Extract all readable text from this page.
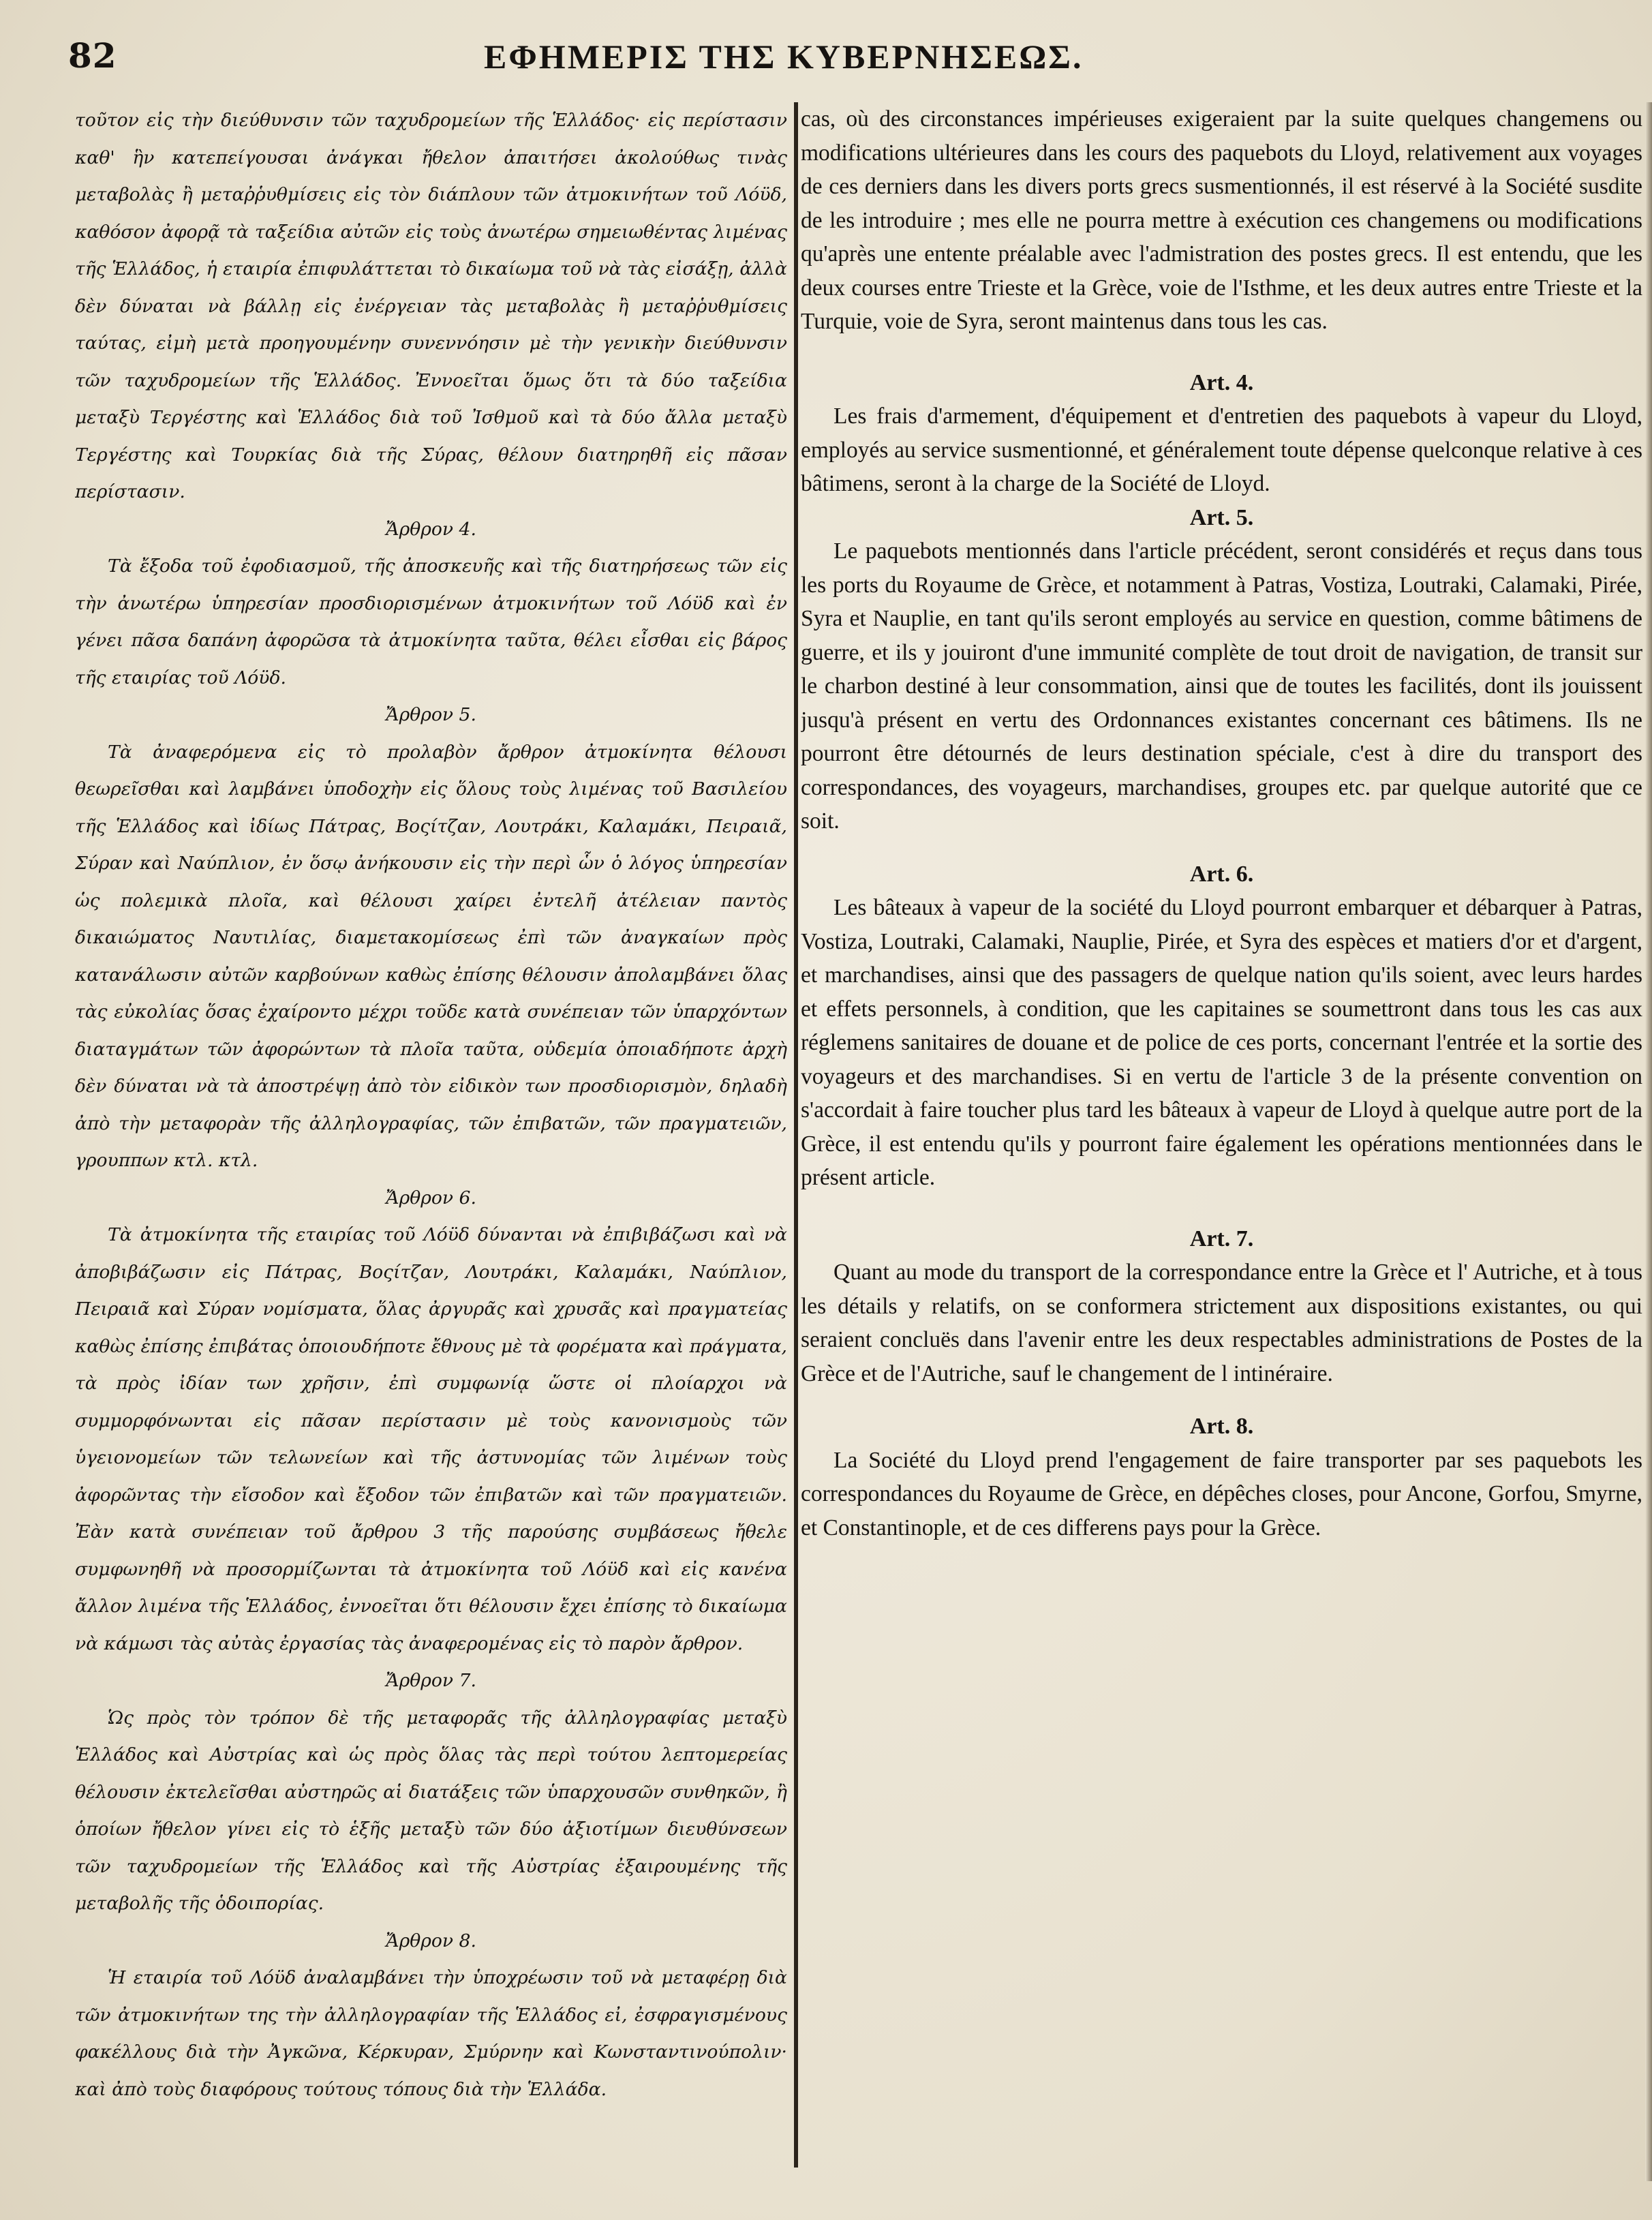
82	ΕΦΗΜΕΡΙΣ ΤΗΣ ΚΥΒΕΡΝΗΣΕΩΣ.

τοῦτον εἰς τὴν διεύθυνσιν τῶν ταχυδρομείων τῆς Ἑλλάδος· εἰς περίστασιν καθ' ἣν κατεπείγουσαι ἀνάγκαι ἤθελον ἀπαιτήσει ἀκολούθως τινὰς μεταβολὰς ἢ μεταῤῥυθμίσεις εἰς τὸν διάπλουν τῶν ἀτμοκινήτων τοῦ Λόϋδ, καθόσον ἀφορᾷ τὰ ταξείδια αὐτῶν εἰς τοὺς ἀνωτέρω σημειωθέντας λιμένας τῆς Ἑλλάδος, ἡ εταιρία ἐπιφυλάττεται τὸ δικαίωμα τοῦ νὰ τὰς εἰσάξῃ, ἀλλὰ δὲν δύναται νὰ βάλλῃ εἰς ἐνέργειαν τὰς μεταβολὰς ἢ μεταῤῥυθμίσεις ταύτας, εἰμὴ μετὰ προηγουμένην συνεννόησιν μὲ τὴν γενικὴν διεύθυνσιν τῶν ταχυδρομείων τῆς Ἑλλάδος. Ἐννοεῖται ὅμως ὅτι τὰ δύο ταξείδια μεταξὺ Τεργέστης καὶ Ἑλλάδος διὰ τοῦ Ἰσθμοῦ καὶ τὰ δύο ἄλλα μεταξὺ Τεργέστης καὶ Τουρκίας διὰ τῆς Σύρας, θέλουν διατηρηθῆ εἰς πᾶσαν περίστασιν.

Ἄρθρον 4.

Τὰ ἔξοδα τοῦ ἐφοδιασμοῦ, τῆς ἀποσκευῆς καὶ τῆς διατηρήσεως τῶν εἰς τὴν ἀνωτέρω ὑπηρεσίαν προσδιορισμένων ἀτμοκινήτων τοῦ Λόϋδ καὶ ἐν γένει πᾶσα δαπάνη ἀφορῶσα τὰ ἀτμοκίνητα ταῦτα, θέλει εἶσθαι εἰς βάρος τῆς εταιρίας τοῦ Λόϋδ.

Ἄρθρον 5.

Τὰ ἀναφερόμενα εἰς τὸ προλαβὸν ἄρθρον ἀτμοκίνητα θέλουσι θεωρεῖσθαι καὶ λαμβάνει ὑποδοχὴν εἰς ὅλους τοὺς λιμένας τοῦ Βασιλείου τῆς Ἑλλάδος καὶ ἰδίως Πάτρας, Βοςίτζαν, Λουτράκι, Καλαμάκι, Πειραιᾶ, Σύραν καὶ Ναύπλιον, ἐν ὅσῳ ἀνήκουσιν εἰς τὴν περὶ ὧν ὁ λόγος ὑπηρεσίαν ὡς πολεμικὰ πλοῖα, καὶ θέλουσι χαίρει ἐντελῆ ἀτέλειαν παντὸς δικαιώματος Ναυτιλίας, διαμετακομίσεως ἐπὶ τῶν ἀναγκαίων πρὸς κατανάλωσιν αὐτῶν καρβούνων καθὼς ἐπίσης θέλουσιν ἀπολαμβάνει ὅλας τὰς εὐκολίας ὅσας ἐχαίροντο μέχρι τοῦδε κατὰ συνέπειαν τῶν ὑπαρχόντων διαταγμάτων τῶν ἀφορώντων τὰ πλοῖα ταῦτα, οὐδεμία ὁποιαδήποτε ἀρχὴ δὲν δύναται νὰ τὰ ἀποστρέψῃ ἀπὸ τὸν εἰδικὸν των προσδιορισμὸν, δηλαδὴ ἀπὸ τὴν μεταφορὰν τῆς ἀλληλογραφίας, τῶν ἐπιβατῶν, τῶν πραγματειῶν, γρουππων κτλ. κτλ.

Ἄρθρον 6.

Τὰ ἀτμοκίνητα τῆς εταιρίας τοῦ Λόϋδ δύνανται νὰ ἐπιβιβάζωσι καὶ νὰ ἀποβιβάζωσιν εἰς Πάτρας, Βοςίτζαν, Λουτράκι, Καλαμάκι, Ναύπλιον, Πειραιᾶ καὶ Σύραν νομίσματα, ὅλας ἀργυρᾶς καὶ χρυσᾶς καὶ πραγματείας καθὼς ἐπίσης ἐπιβάτας ὁποιουδήποτε ἔθνους μὲ τὰ φορέματα καὶ πράγματα, τὰ πρὸς ἰδίαν των χρῆσιν, ἐπὶ συμφωνίᾳ ὥστε οἱ πλοίαρχοι νὰ συμμορφόνωνται εἰς πᾶσαν περίστασιν μὲ τοὺς κανονισμοὺς τῶν ὑγειονομείων τῶν τελωνείων καὶ τῆς ἀστυνομίας τῶν λιμένων τοὺς ἀφορῶντας τὴν εἴσοδον καὶ ἔξοδον τῶν ἐπιβατῶν καὶ τῶν πραγματειῶν. Ἐὰν κατὰ συνέπειαν τοῦ ἄρθρου 3 τῆς παρούσης συμβάσεως ἤθελε συμφωνηθῆ νὰ προσορμίζωνται τὰ ἀτμοκίνητα τοῦ Λόϋδ καὶ εἰς κανένα ἄλλον λιμένα τῆς Ἑλλάδος, ἐννοεῖται ὅτι θέλουσιν ἔχει ἐπίσης τὸ δικαίωμα νὰ κάμωσι τὰς αὐτὰς ἐργασίας τὰς ἀναφερομένας εἰς τὸ παρὸν ἄρθρον.

Ἄρθρον 7.

Ὡς πρὸς τὸν τρόπον δὲ τῆς μεταφορᾶς τῆς ἀλληλογραφίας μεταξὺ Ἑλλάδος καὶ Αὐστρίας καὶ ὡς πρὸς ὅλας τὰς περὶ τούτου λεπτομερείας θέλουσιν ἐκτελεῖσθαι αὐστηρῶς αἱ διατάξεις τῶν ὑπαρχουσῶν συνθηκῶν, ἢ ὁποίων ἤθελον γίνει εἰς τὸ ἑξῆς μεταξὺ τῶν δύο ἀξιοτίμων διευθύνσεων τῶν ταχυδρομείων τῆς Ἑλλάδος καὶ τῆς Αὐστρίας ἐξαιρουμένης τῆς μεταβολῆς τῆς ὁδοιπορίας.

Ἄρθρον 8.

Ἡ εταιρία τοῦ Λόϋδ ἀναλαμβάνει τὴν ὑποχρέωσιν τοῦ νὰ μεταφέρῃ διὰ τῶν ἀτμοκινήτων της τὴν ἀλληλογραφίαν τῆς Ἑλλάδος εἰ, ἐσφραγισμένους φακέλλους διὰ τὴν Ἀγκῶνα, Κέρκυραν, Σμύρνην καὶ Κωνσταντινούπολιν· καὶ ἀπὸ τοὺς διαφόρους τούτους τόπους διὰ τὴν Ἑλλάδα.

cas, où des circonstances impérieuses exigeraient par la suite quelques changemens ou modifications ultérieures dans les cours des paquebots du Lloyd, relativement aux voyages de ces derniers dans les divers ports grecs susmentionnés, il est réservé à la Société susdite de les introduire ; mes elle ne pourra mettre à exécution ces changemens ou modifications qu'après une entente préalable avec l'admistration des postes grecs. Il est entendu, que les deux courses entre Trieste et la Grèce, voie de l'Isthme, et les deux autres entre Trieste et la Turquie, voie de Syra, seront maintenus dans tous les cas.

Art. 4.

Les frais d'armement, d'équipement et d'entretien des paquebots à vapeur du Lloyd, employés au service susmentionné, et généralement toute dépense quelconque relative à ces bâtimens, seront à la charge de la Société de Lloyd.

Art. 5.

Le paquebots mentionnés dans l'article précédent, seront considérés et reçus dans tous les ports du Royaume de Grèce, et notamment à Patras, Vostiza, Loutraki, Calamaki, Pirée, Syra et Nauplie, en tant qu'ils seront employés au service en question, comme bâtimens de guerre, et ils y jouiront d'une immunité complète de tout droit de navigation, de transit sur le charbon destiné à leur consommation, ainsi que de toutes les facilités, dont ils jouissent jusqu'à présent en vertu des Ordonnances existantes concernant ces bâtimens. Ils ne pourront être détournés de leurs destination spéciale, c'est à dire du transport des correspondances, des voyageurs, marchandises, groupes etc. par quelque autorité que ce soit.

Art. 6.

Les bâteaux à vapeur de la société du Lloyd pourront embarquer et débarquer à Patras, Vostiza, Loutraki, Calamaki, Nauplie, Pirée, et Syra des espèces et matiers d'or et d'argent, et marchandises, ainsi que des passagers de quelque nation qu'ils soient, avec leurs hardes et effets personnels, à condition, que les capitaines se soumettront dans tous les cas aux réglemens sanitaires de douane et de police de ces ports, concernant l'entrée et la sortie des voyageurs et des marchandises. Si en vertu de l'article 3 de la présente convention on s'accordait à faire toucher plus tard les bâteaux à vapeur de Lloyd à quelque autre port de la Grèce, il est entendu qu'ils y pourront faire également les opérations mentionnées dans le présent article.

Art. 7.

Quant au mode du transport de la correspondance entre la Grèce et l' Autriche, et à tous les détails y relatifs, on se conformera strictement aux dispositions existantes, ou qui seraient concluës dans l'avenir entre les deux respectables administrations de Postes de la Grèce et de l'Autriche, sauf le changement de l intinéraire.

Art. 8.

La Société du Lloyd prend l'engagement de faire transporter par ses paquebots les correspondances du Royaume de Grèce, en dépêches closes, pour Ancone, Gorfou, Smyrne, et Constantinople, et de ces differens pays pour la Grèce.
